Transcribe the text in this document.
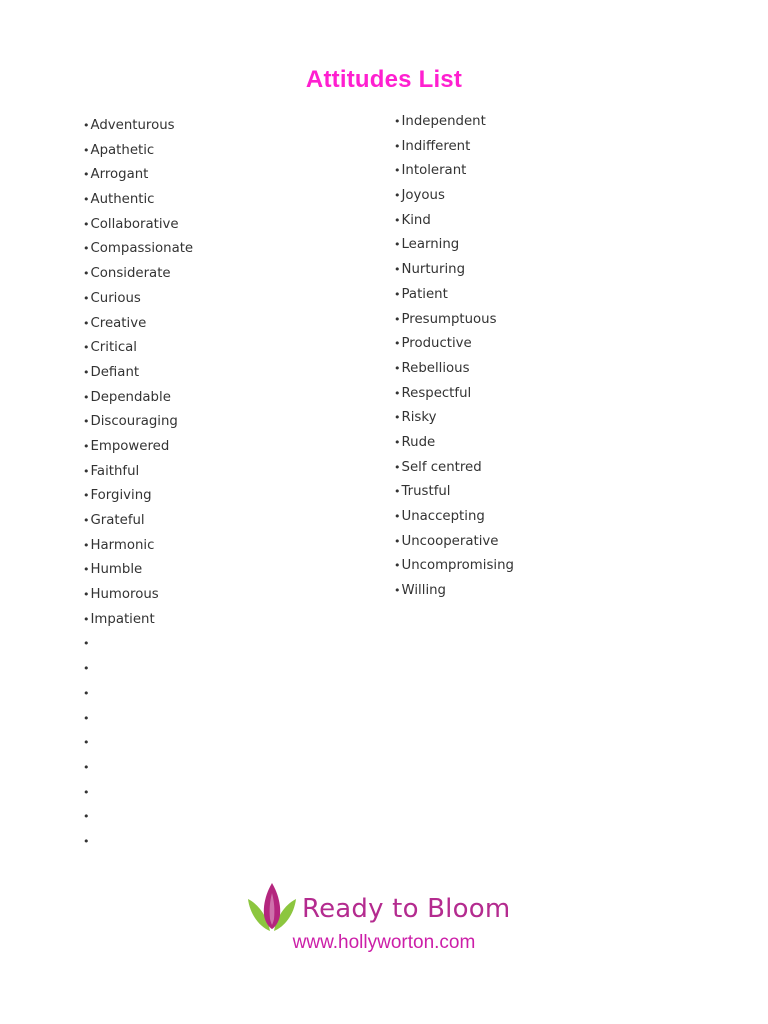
Attitudes List
•Adventurous
•Apathetic
•Arrogant
•Authentic
•Collaborative
•Compassionate
•Considerate
•Curious
•Creative
•Critical
•Defiant
•Dependable
•Discouraging
•Empowered
•Faithful
•Forgiving
•Grateful
•Harmonic
•Humble
•Humorous
•Impatient
•
•
•
•
•
•
•
•
•
•Independent
•Indifferent
•Intolerant
•Joyous
•Kind
•Learning
•Nurturing
•Patient
•Presumptuous
•Productive
•Rebellious
•Respectful
•Risky
•Rude
•Self centred
•Trustful
•Unaccepting
•Uncooperative
•Uncompromising
•Willing
Ready to Bloom
www.hollyworton.com
